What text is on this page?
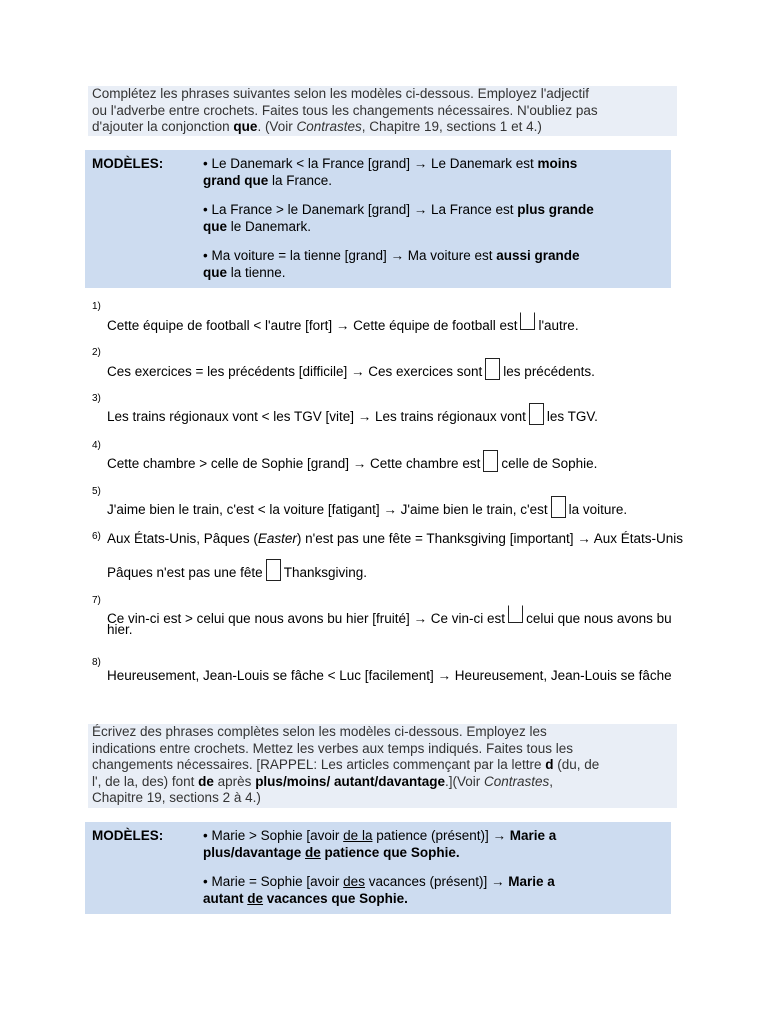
Complétez les phrases suivantes selon les modèles ci-dessous. Employez l'adjectif
ou l'adverbe entre crochets. Faites tous les changements nécessaires. N'oubliez pas
d'ajouter la conjonction que. (Voir Contrastes, Chapitre 19, sections 1 et 4.)
MODÈLES:	• Le Danemark < la France [grand] → Le Danemark est moins
grand que la France.
• La France > le Danemark [grand] → La France est plus grande
que le Danemark.
• Ma voiture = la tienne [grand] → Ma voiture est aussi grande
que la tienne.
1)
Cette équipe de football < l'autre [fort] → Cette équipe de football est l'autre.
2)
Ces exercices = les précédents [difficile] → Ces exercices sont les précédents.
3)
Les trains régionaux vont < les TGV [vite] → Les trains régionaux vont les TGV.
4)
Cette chambre > celle de Sophie [grand] → Cette chambre est celle de Sophie.
5)
J'aime bien le train, c'est < la voiture [fatigant] → J'aime bien le train, c'est la voiture.
6) Aux États-Unis, Pâques (Easter) n'est pas une fête = Thanksgiving [important] → Aux États-Unis
Pâques n'est pas une fête Thanksgiving.
7)
Ce vin-ci est > celui que nous avons bu hier [fruité] → Ce vin-ci est celui que nous avons bu
hier.
8)
Heureusement, Jean-Louis se fâche < Luc [facilement] → Heureusement, Jean-Louis se fâche
Écrivez des phrases complètes selon les modèles ci-dessous. Employez les
indications entre crochets. Mettez les verbes aux temps indiqués. Faites tous les
changements nécessaires. [RAPPEL: Les articles commençant par la lettre d (du, de
l', de la, des) font de après plus/moins/ autant/davantage.](Voir Contrastes,
Chapitre 19, sections 2 à 4.)
MODÈLES:	• Marie > Sophie [avoir de la patience (présent)] → Marie a
plus/davantage de patience que Sophie.
• Marie = Sophie [avoir des vacances (présent)] → Marie a
autant de vacances que Sophie.
